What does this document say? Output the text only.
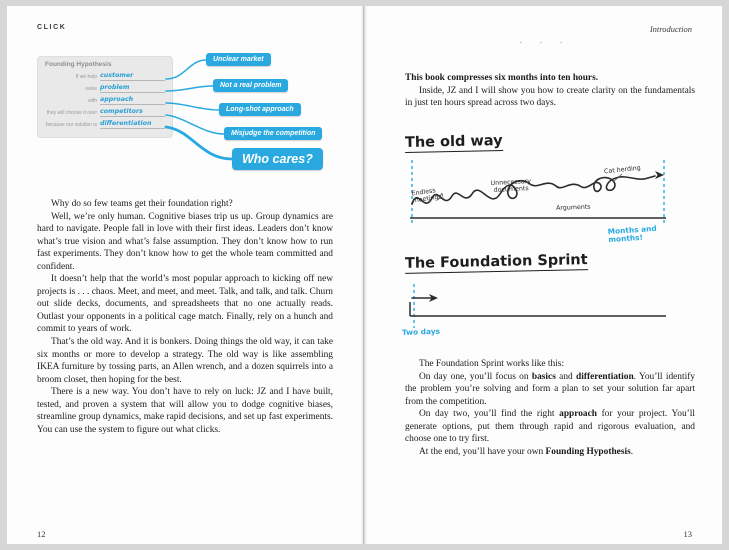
CLICK
Founding Hypothesis
If we help customer
solve problem
with approach
they will choose it over competitors
because our solution is differentiation
Unclear market
Not a real problem
Long-shot approach
Misjudge the competition
Who cares?

Why do so few teams get their foundation right?

Well, we’re only human. Cognitive biases trip us up. Group dynamics are hard to navigate. People fall in love with their first ideas. Leaders don’t know what’s true vision and what’s false assumption. They don’t know how to run fast experiments. They don’t know how to get the whole team committed and confident.

It doesn’t help that the world’s most popular approach to kicking off new projects is . . . chaos. Meet, and meet, and meet. Talk, and talk, and talk. Churn out slide decks, documents, and spreadsheets that no one actually reads. Outlast your opponents in a political cage match. Finally, rely on a hunch and commit to years of work.

That’s the old way. And it is bonkers. Doing things the old way, it can take six months or more to develop a strategy. The old way is like assembling IKEA furniture by tossing parts, an Allen wrench, and a dozen squirrels into a broom closet, then hoping for the best.

There is a new way. You don’t have to rely on luck: JZ and I have built, tested, and proven a system that will allow you to dodge cognitive biases, streamline group dynamics, make rapid decisions, and set up fast experiments. You can use the system to figure out what clicks.

12
Introduction
· · ·

This book compresses six months into ten hours.

Inside, JZ and I will show you how to create clarity on the fundamentals in just ten hours spread across two days.

The old way
Endless meetings!
Unnecessary documents
Arguments
Cat herding
Months and months!
The Foundation Sprint
Two days

The Foundation Sprint works like this:

On day one, you’ll focus on basics and differentiation. You’ll identify the problem you’re solving and form a plan to set your solution far apart from the competition.

On day two, you’ll find the right approach for your project. You’ll generate options, put them through rapid and rigorous evaluation, and choose one to try first.

At the end, you’ll have your own Founding Hypothesis.

13
